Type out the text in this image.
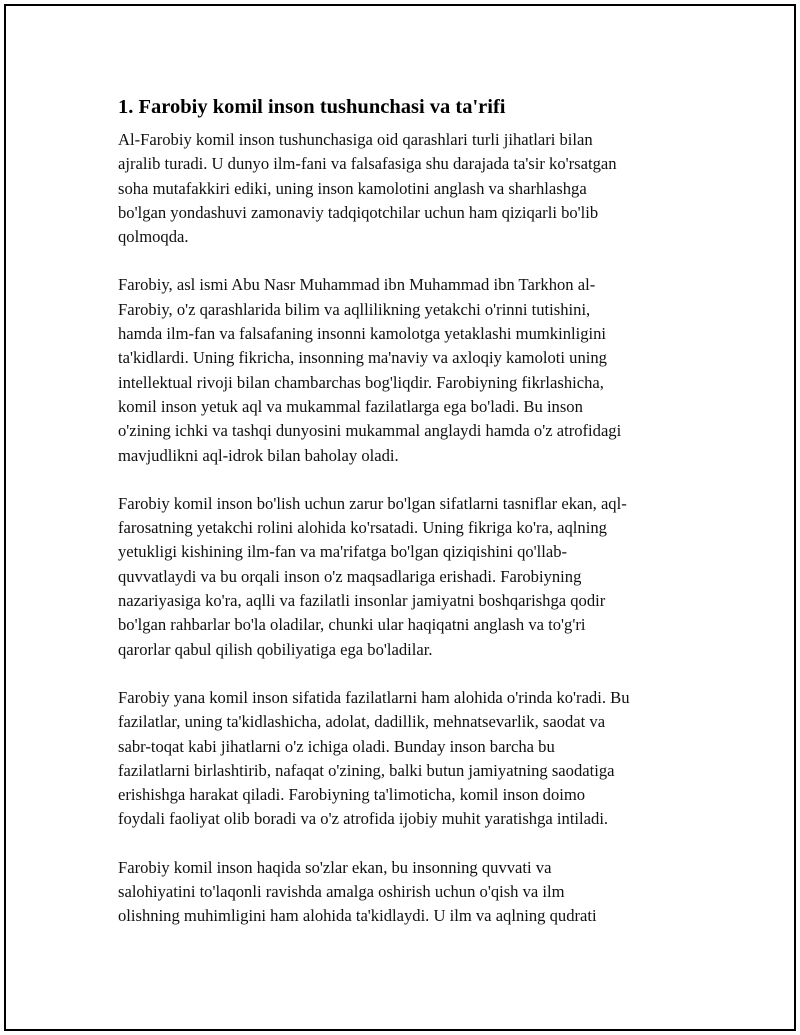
1. Farobiy komil inson tushunchasi va ta'rifi

Al-Farobiy komil inson tushunchasiga oid qarashlari turli jihatlari bilan
ajralib turadi. U dunyo ilm-fani va falsafasiga shu darajada ta'sir ko'rsatgan
soha mutafakkiri ediki, uning inson kamolotini anglash va sharhlashga
bo'lgan yondashuvi zamonaviy tadqiqotchilar uchun ham qiziqarli bo'lib
qolmoqda.

Farobiy, asl ismi Abu Nasr Muhammad ibn Muhammad ibn Tarkhon al-
Farobiy, o'z qarashlarida bilim va aqllilikning yetakchi o'rinni tutishini,
hamda ilm-fan va falsafaning insonni kamolotga yetaklashi mumkinligini
ta'kidlardi. Uning fikricha, insonning ma'naviy va axloqiy kamoloti uning
intellektual rivoji bilan chambarchas bog'liqdir. Farobiyning fikrlashicha,
komil inson yetuk aql va mukammal fazilatlarga ega bo'ladi. Bu inson
o'zining ichki va tashqi dunyosini mukammal anglaydi hamda o'z atrofidagi
mavjudlikni aql-idrok bilan baholay oladi.

Farobiy komil inson bo'lish uchun zarur bo'lgan sifatlarni tasniflar ekan, aql-
farosatning yetakchi rolini alohida ko'rsatadi. Uning fikriga ko'ra, aqlning
yetukligi kishining ilm-fan va ma'rifatga bo'lgan qiziqishini qo'llab-
quvvatlaydi va bu orqali inson o'z maqsadlariga erishadi. Farobiyning
nazariyasiga ko'ra, aqlli va fazilatli insonlar jamiyatni boshqarishga qodir
bo'lgan rahbarlar bo'la oladilar, chunki ular haqiqatni anglash va to'g'ri
qarorlar qabul qilish qobiliyatiga ega bo'ladilar.

Farobiy yana komil inson sifatida fazilatlarni ham alohida o'rinda ko'radi. Bu
fazilatlar, uning ta'kidlashicha, adolat, dadillik, mehnatsevarlik, saodat va
sabr-toqat kabi jihatlarni o'z ichiga oladi. Bunday inson barcha bu
fazilatlarni birlashtirib, nafaqat o'zining, balki butun jamiyatning saodatiga
erishishga harakat qiladi. Farobiyning ta'limoticha, komil inson doimo
foydali faoliyat olib boradi va o'z atrofida ijobiy muhit yaratishga intiladi.

Farobiy komil inson haqida so'zlar ekan, bu insonning quvvati va
salohiyatini to'laqonli ravishda amalga oshirish uchun o'qish va ilm
olishning muhimligini ham alohida ta'kidlaydi. U ilm va aqlning qudrati
